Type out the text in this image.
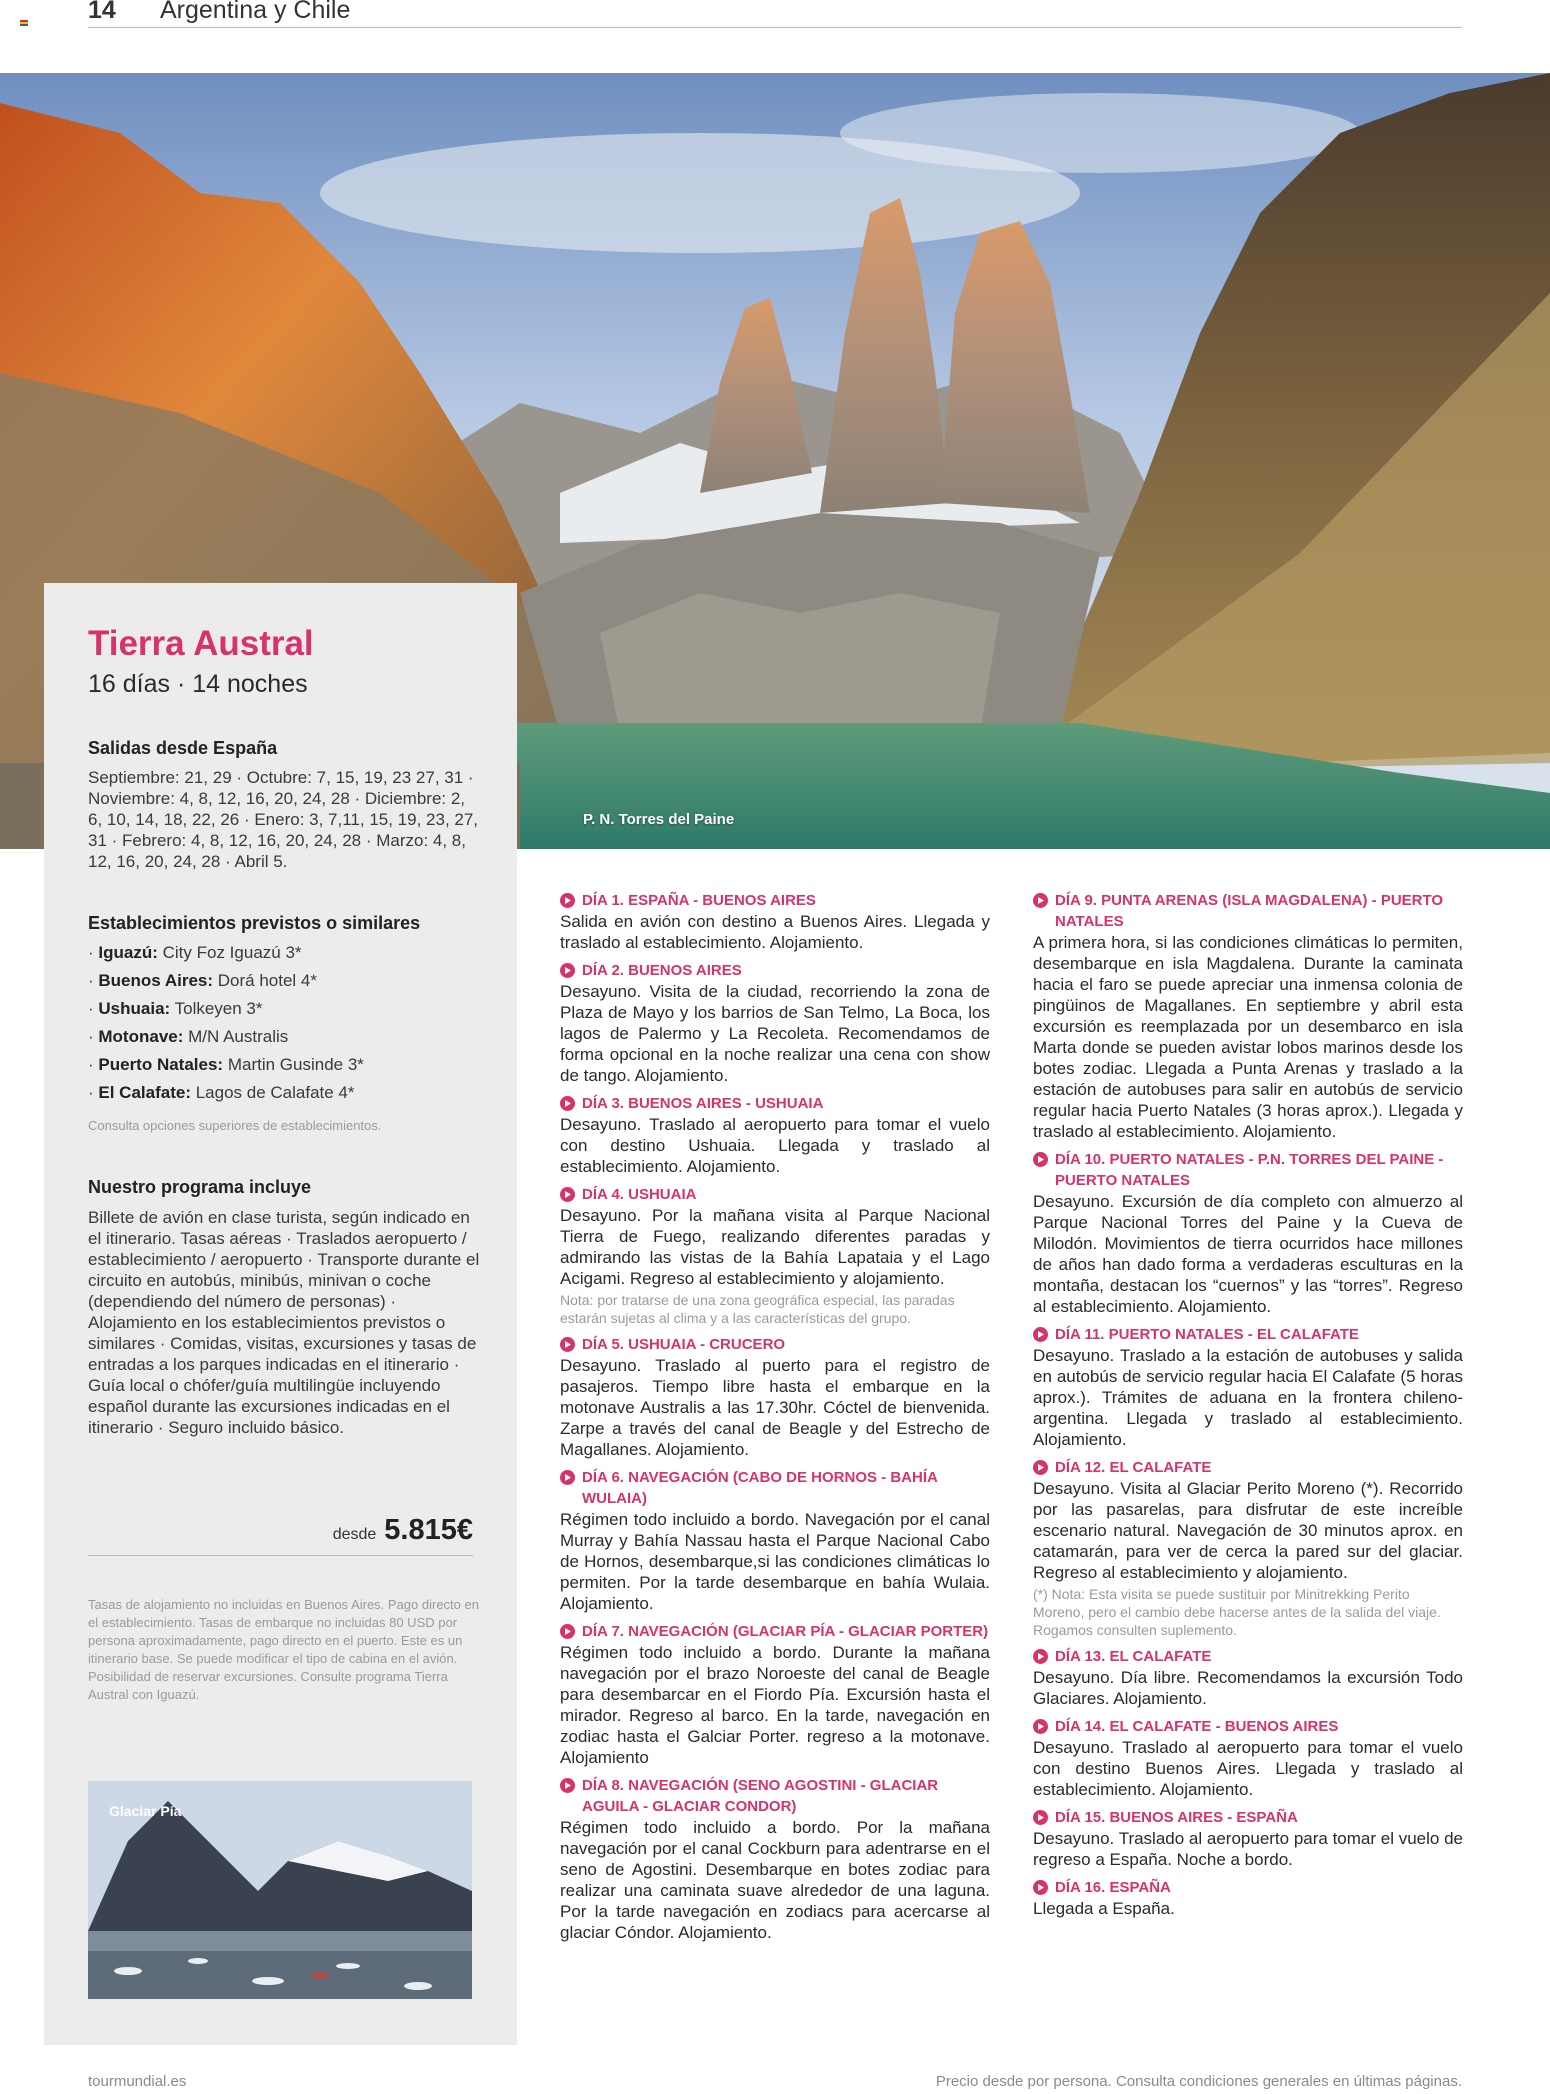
14 Argentina y Chile
P. N. Torres del Paine
Tierra Austral
16 días · 14 noches
Salidas desde España
Septiembre: 21, 29 · Octubre: 7, 15, 19, 23 27, 31 · Noviembre: 4, 8, 12, 16, 20, 24, 28 · Diciembre: 2, 6, 10, 14, 18, 22, 26 · Enero: 3, 7,11, 15, 19, 23, 27, 31 · Febrero: 4, 8, 12, 16, 20, 24, 28 · Marzo: 4, 8, 12, 16, 20, 24, 28 · Abril 5.
Establecimientos previstos o similares
· Iguazú: City Foz Iguazú 3*
· Buenos Aires: Dorá hotel 4*
· Ushuaia: Tolkeyen 3*
· Motonave: M/N Australis
· Puerto Natales: Martin Gusinde 3*
· El Calafate: Lagos de Calafate 4*
Consulta opciones superiores de establecimientos.
Nuestro programa incluye
Billete de avión en clase turista, según indicado en el itinerario. Tasas aéreas · Traslados aeropuerto / establecimiento / aeropuerto · Transporte durante el circuito en autobús, minibús, minivan o coche (dependiendo del número de personas) · Alojamiento en los establecimientos previstos o similares · Comidas, visitas, excursiones y tasas de entradas a los parques indicadas en el itinerario · Guía local o chófer/guía multilingüe incluyendo español durante las excursiones indicadas en el itinerario · Seguro incluido básico.
desde 5.815€
Tasas de alojamiento no incluidas en Buenos Aires. Pago directo en el establecimiento. Tasas de embarque no incluidas 80 USD por persona aproximadamente, pago directo en el puerto. Este es un itinerario base. Se puede modificar el tipo de cabina en el avión. Posibilidad de reservar excursiones. Consulte programa Tierra Austral con Iguazú.
Glaciar Pía
DÍA 1. ESPAÑA - BUENOS AIRES
Salida en avión con destino a Buenos Aires. Llegada y traslado al establecimiento. Alojamiento.
DÍA 2. BUENOS AIRES
Desayuno. Visita de la ciudad, recorriendo la zona de Plaza de Mayo y los barrios de San Telmo, La Boca, los lagos de Palermo y La Recoleta. Recomendamos de forma opcional en la noche realizar una cena con show de tango. Alojamiento.
DÍA 3. BUENOS AIRES - USHUAIA
Desayuno. Traslado al aeropuerto para tomar el vuelo con destino Ushuaia. Llegada y traslado al establecimiento. Alojamiento.
DÍA 4. USHUAIA
Desayuno. Por la mañana visita al Parque Nacional Tierra de Fuego, realizando diferentes paradas y admirando las vistas de la Bahía Lapataia y el Lago Acigami. Regreso al establecimiento y alojamiento.
Nota: por tratarse de una zona geográfica especial, las paradas estarán sujetas al clima y a las características del grupo.
DÍA 5. USHUAIA - CRUCERO
Desayuno. Traslado al puerto para el registro de pasajeros. Tiempo libre hasta el embarque en la motonave Australis a las 17.30hr. Cóctel de bienvenida. Zarpe a través del canal de Beagle y del Estrecho de Magallanes. Alojamiento.
DÍA 6. NAVEGACIÓN (CABO DE HORNOS - BAHÍA WULAIA)
Régimen todo incluido a bordo. Navegación por el canal Murray y Bahía Nassau hasta el Parque Nacional Cabo de Hornos, desembarque,si las condiciones climáticas lo permiten. Por la tarde desembarque en bahía Wulaia. Alojamiento.
DÍA 7. NAVEGACIÓN (GLACIAR PÍA - GLACIAR PORTER)
Régimen todo incluido a bordo. Durante la mañana navegación por el brazo Noroeste del canal de Beagle para desembarcar en el Fiordo Pía. Excursión hasta el mirador. Regreso al barco. En la tarde, navegación en zodiac hasta el Galciar Porter. regreso a la motonave. Alojamiento
DÍA 8. NAVEGACIÓN (SENO AGOSTINI - GLACIAR AGUILA - GLACIAR CONDOR)
Régimen todo incluido a bordo. Por la mañana navegación por el canal Cockburn para adentrarse en el seno de Agostini. Desembarque en botes zodiac para realizar una caminata suave alrededor de una laguna. Por la tarde navegación en zodiacs para acercarse al glaciar Cóndor. Alojamiento.
DÍA 9. PUNTA ARENAS (ISLA MAGDALENA) - PUERTO NATALES
A primera hora, si las condiciones climáticas lo permiten, desembarque en isla Magdalena. Durante la caminata hacia el faro se puede apreciar una inmensa colonia de pingüinos de Magallanes. En septiembre y abril esta excursión es reemplazada por un desembarco en isla Marta donde se pueden avistar lobos marinos desde los botes zodiac. Llegada a Punta Arenas y traslado a la estación de autobuses para salir en autobús de servicio regular hacia Puerto Natales (3 horas aprox.). Llegada y traslado al establecimiento. Alojamiento.
DÍA 10. PUERTO NATALES - P.N. TORRES DEL PAINE - PUERTO NATALES
Desayuno. Excursión de día completo con almuerzo al Parque Nacional Torres del Paine y la Cueva de Milodón. Movimientos de tierra ocurridos hace millones de años han dado forma a verdaderas esculturas en la montaña, destacan los “cuernos” y las “torres”. Regreso al establecimiento. Alojamiento.
DÍA 11. PUERTO NATALES - EL CALAFATE
Desayuno. Traslado a la estación de autobuses y salida en autobús de servicio regular hacia El Calafate (5 horas aprox.). Trámites de aduana en la frontera chileno-argentina. Llegada y traslado al establecimiento. Alojamiento.
DÍA 12. EL CALAFATE
Desayuno. Visita al Glaciar Perito Moreno (*). Recorrido por las pasarelas, para disfrutar de este increíble escenario natural. Navegación de 30 minutos aprox. en catamarán, para ver de cerca la pared sur del glaciar. Regreso al establecimiento y alojamiento.
(*) Nota: Esta visita se puede sustituir por Minitrekking Perito Moreno, pero el cambio debe hacerse antes de la salida del viaje. Rogamos consulten suplemento.
DÍA 13. EL CALAFATE
Desayuno. Día libre. Recomendamos la excursión Todo Glaciares. Alojamiento.
DÍA 14. EL CALAFATE - BUENOS AIRES
Desayuno. Traslado al aeropuerto para tomar el vuelo con destino Buenos Aires. Llegada y traslado al establecimiento. Alojamiento.
DÍA 15. BUENOS AIRES - ESPAÑA
Desayuno. Traslado al aeropuerto para tomar el vuelo de regreso a España. Noche a bordo.
DÍA 16. ESPAÑA
Llegada a España.
tourmundial.es	Precio desde por persona. Consulta condiciones generales en últimas páginas.
